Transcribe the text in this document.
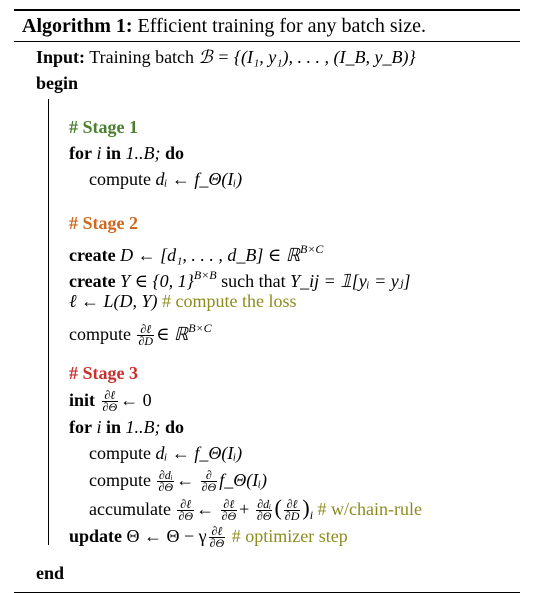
Algorithm 1: Efficient training for any batch size.
Input: Training batch ℬ = {(I₁, y₁), . . . , (I_B, y_B)}
begin
# Stage 1
for i in 1..B; do
compute dᵢ ← f_Θ(Iᵢ)
# Stage 2
create D ← [d₁, . . . , d_B] ∈ ℝ$^{B\times C}$
create Y ∈ {0, 1}$^{B\times B}$ such that Y_ij = 𝟙[yᵢ = yⱼ]
ℓ ← L(D, Y) # compute the loss
compute $\frac{\text{∂ℓ}}{\partial D}$ ∈ ℝ$^{B\times C}$
# Stage 3
init $\frac{\text{∂ℓ}}{\partial\Theta}$ ← 0
for i in 1..B; do
compute dᵢ ← f_Θ(Iᵢ)
compute $\frac{\text{∂dᵢ}}{\partial\Theta}$ ← $\frac{\partial}{\partial\Theta}$ f_Θ(Iᵢ)
accumulate $\frac{\text{∂ℓ}}{\partial\Theta}$ ← $\frac{\text{∂ℓ}}{\partial\Theta} + \frac{\text{∂dᵢ}}{\partial\Theta}$ ( $\frac{\text{∂ℓ}}{\partial D} )_i$ # w/chain-rule
update Θ ← Θ − γ $\frac{\text{∂ℓ}}{\partial\Theta}$ # optimizer step
end
